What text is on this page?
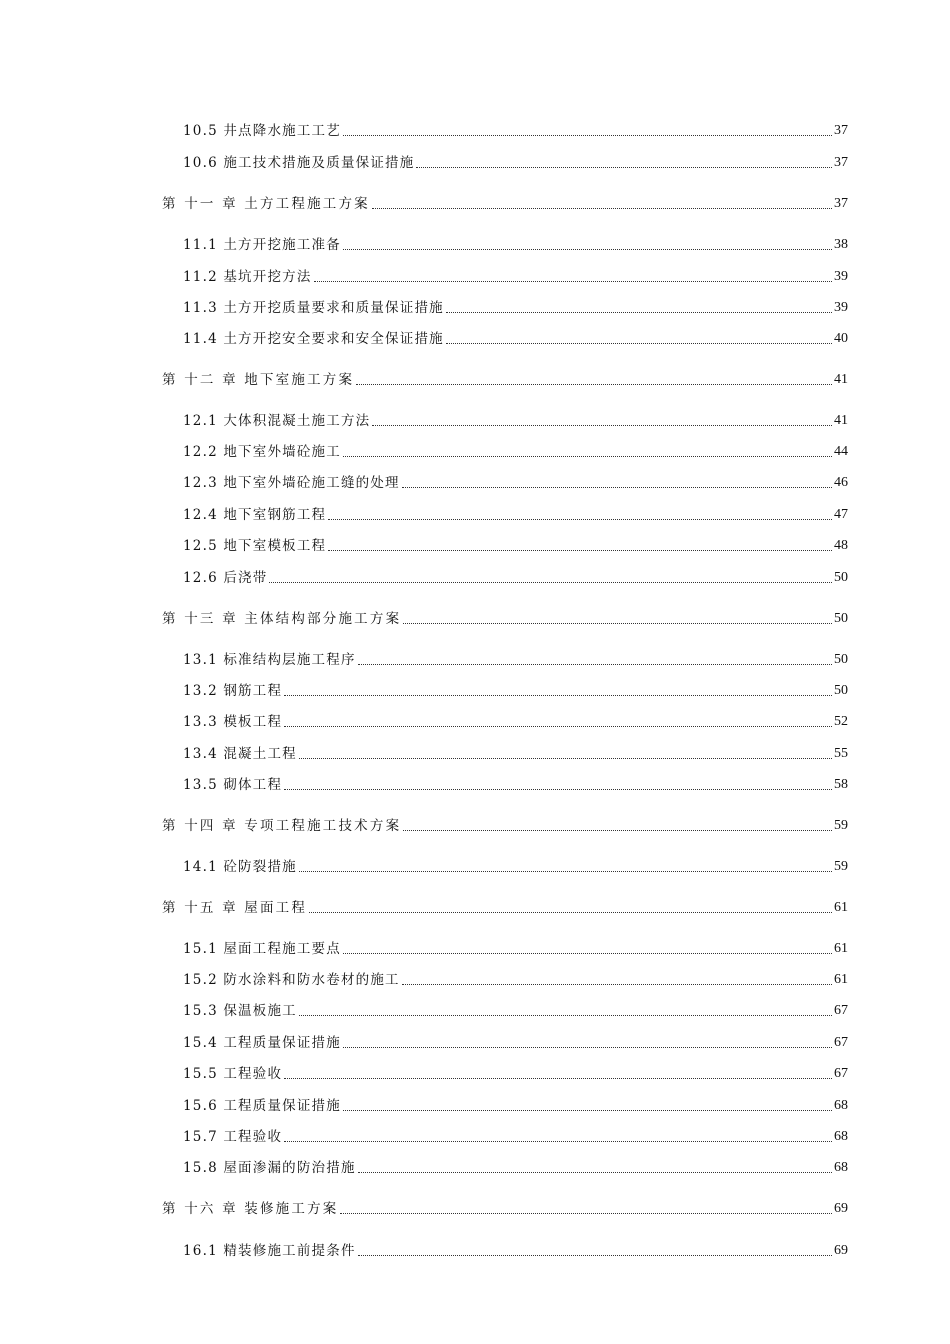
10.5 井点降水施工工艺	37
10.6 施工技术措施及质量保证措施	37
第 十一 章 土方工程施工方案	37
11.1 土方开挖施工准备	38
11.2 基坑开挖方法	39
11.3 土方开挖质量要求和质量保证措施	39
11.4 土方开挖安全要求和安全保证措施	40
第 十二 章 地下室施工方案	41
12.1 大体积混凝土施工方法	41
12.2 地下室外墙砼施工	44
12.3 地下室外墙砼施工缝的处理	46
12.4 地下室钢筋工程	47
12.5 地下室模板工程	48
12.6 后浇带	50
第 十三 章 主体结构部分施工方案	50
13.1 标准结构层施工程序	50
13.2 钢筋工程	50
13.3 模板工程	52
13.4 混凝土工程	55
13.5 砌体工程	58
第 十四 章 专项工程施工技术方案	59
14.1 砼防裂措施	59
第 十五 章 屋面工程	61
15.1 屋面工程施工要点	61
15.2 防水涂料和防水卷材的施工	61
15.3 保温板施工	67
15.4 工程质量保证措施	67
15.5 工程验收	67
15.6 工程质量保证措施	68
15.7 工程验收	68
15.8 屋面渗漏的防治措施	68
第 十六 章 装修施工方案	69
16.1 精装修施工前提条件	69
